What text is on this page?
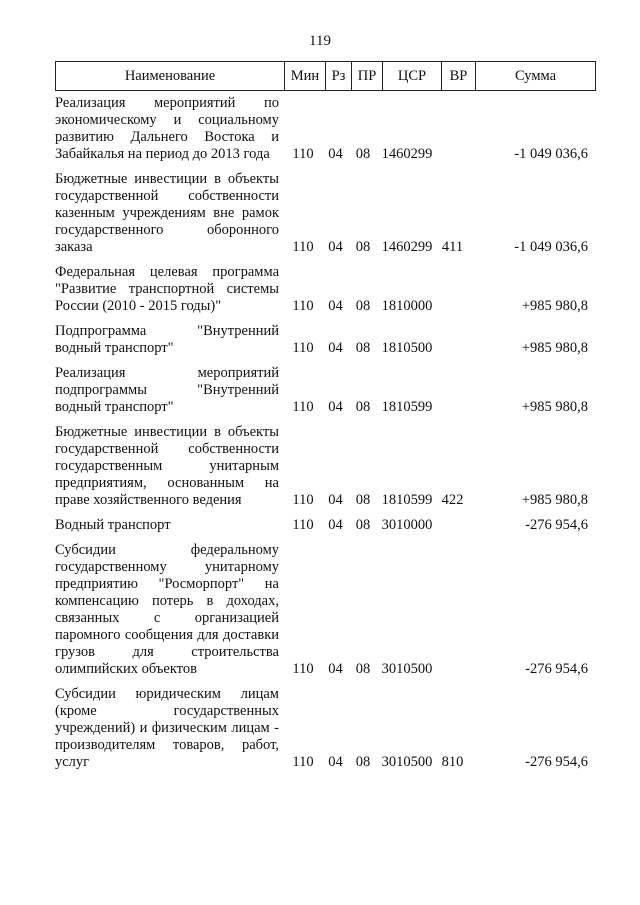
119
Наименование	Мин	Рз	ПР	ЦСР	ВР	Сумма
Реализация мероприятий по экономическому и социальному развитию Дальнего Востока и Забайкалья на период до 2013 года	110	04	08	1460299		-1 049 036,6
Бюджетные инвестиции в объекты государственной собственности казенным учреждениям вне рамок государственного оборонного заказа	110	04	08	1460299	411	-1 049 036,6
Федеральная целевая программа "Развитие транспортной системы России (2010 - 2015 годы)"	110	04	08	1810000		+985 980,8
Подпрограмма "Внутренний водный транспорт"	110	04	08	1810500		+985 980,8
Реализация мероприятий подпрограммы "Внутренний водный транспорт"	110	04	08	1810599		+985 980,8
Бюджетные инвестиции в объекты государственной собственности государственным унитарным предприятиям, основанным на праве хозяйственного ведения	110	04	08	1810599	422	+985 980,8
Водный транспорт	110	04	08	3010000		-276 954,6
Субсидии федеральному государственному унитарному предприятию "Росморпорт" на компенсацию потерь в доходах, связанных с организацией паромного сообщения для доставки грузов для строительства олимпийских объектов	110	04	08	3010500		-276 954,6
Субсидии юридическим лицам (кроме государственных учреждений) и физическим лицам - производителям товаров, работ, услуг	110	04	08	3010500	810	-276 954,6
